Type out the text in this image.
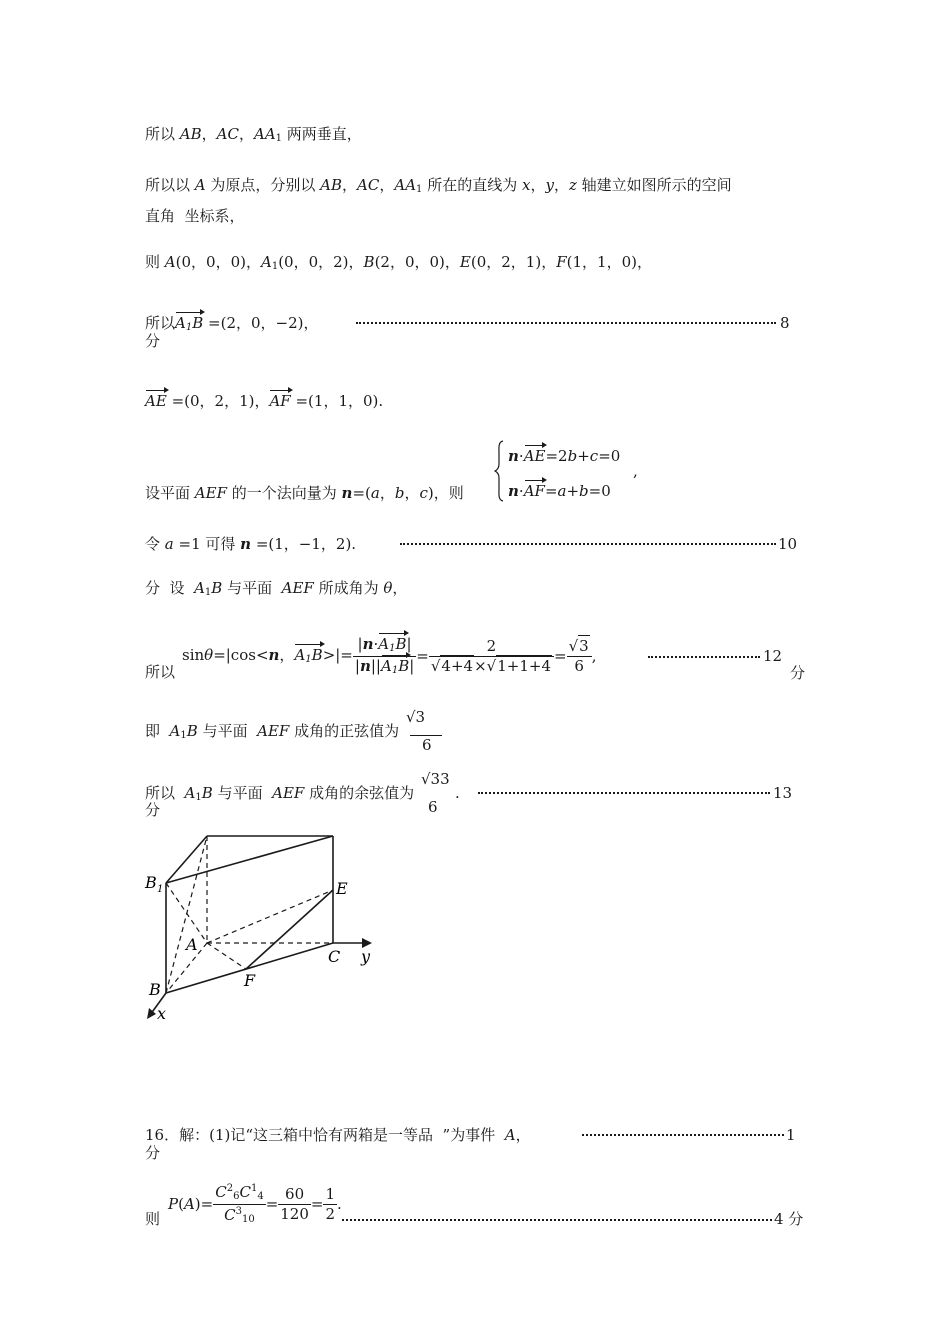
所以 AB，AC，$AA_1$ 两两垂直，
所以以 A 为原点，分别以 AB，AC，$AA_1$ 所在的直线为 x，y，z 轴建立如图所示的空间
直角  坐标系，
则 A(0，0，0)，$A_1(0$，0，2)，B(2，0，0)，E(0，2，1)，F(1，1，0)，
所以$A_1B =(2$，0，−2)，	8
分
AE =(0，2，1)，AF =(1，1，0).
设平面 AEF 的一个法向量为 n=(a，b，c)，则
n·AE=2b+c=0
,
n·AF=a+b=0
令 a =1 可得 n =(1，−1，2).	10
分  设  $A_1B$ 与平面  AEF 所成角为 θ，
所以
sinθ=|cos<n，$A_1B>|= \frac{|n\cdot A_1B|}{|n||A_1B|} = \frac{2}{√4+4\times√1+1+4} = \frac{√3}{6}$ ,	12
分
即  $A_1B$ 与平面  AEF 成角的正弦值为
√3
6
所以  $A_1B$ 与平面  AEF 成角的余弦值为
√33
6
.	13
分
B 1
A
E
C y
F
B
x
16．解：(1)记“这三箱中恰有两箱是一等品  ”为事件  A，	1
分
则
$P(A)= \frac{C^2_6C^1_4}{C^3_{10}} = \frac{60}{120} = \frac{1}{2}$ .
4 分
